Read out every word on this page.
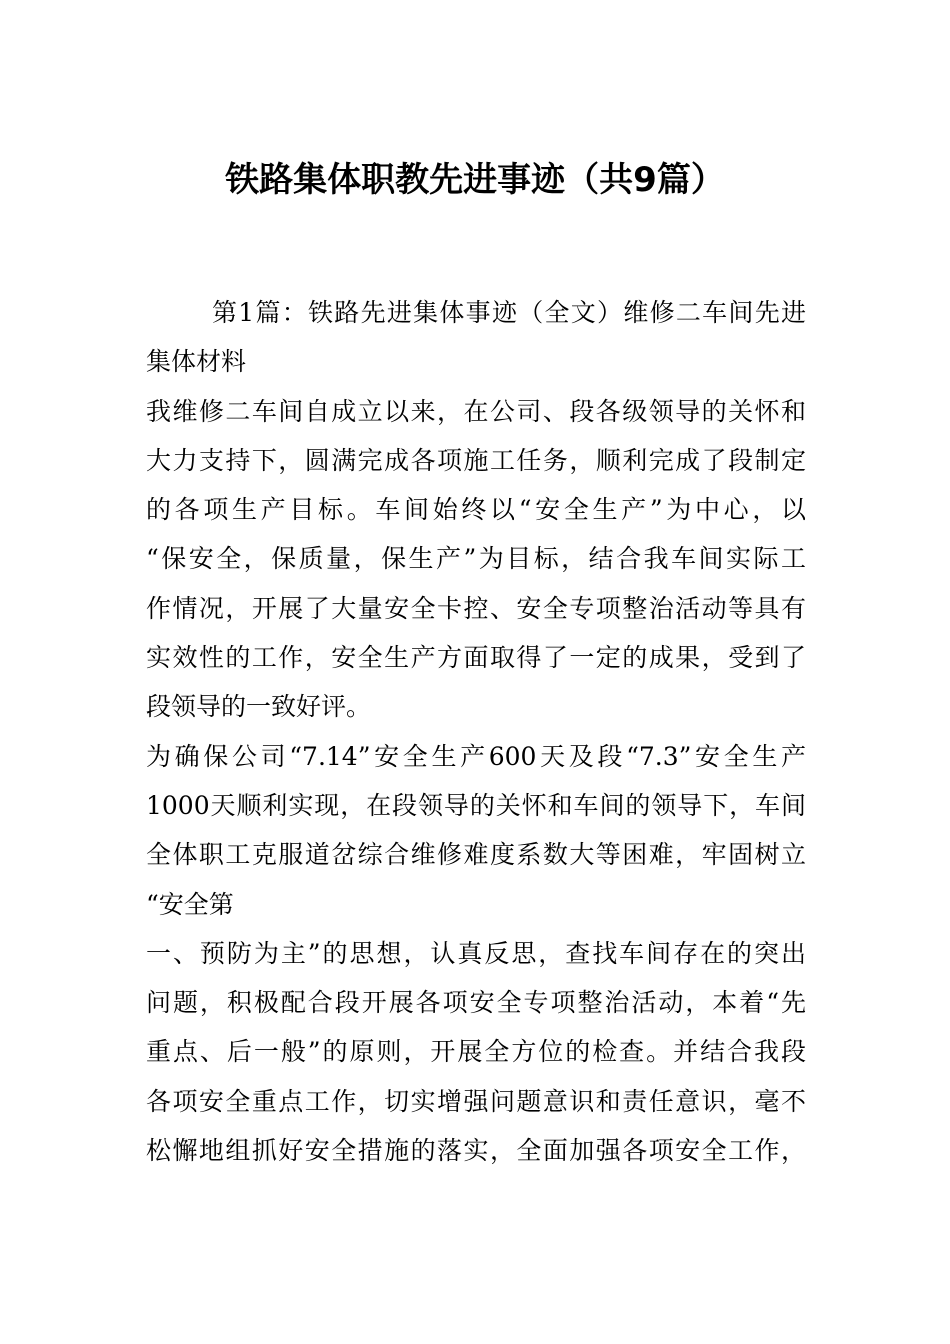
铁路集体职教先进事迹（共9篇）
第1篇：铁路先进集体事迹（全文）维修二车间先进
集体材料
我维修二车间自成立以来，在公司、段各级领导的关怀和
大力支持下，圆满完成各项施工任务，顺利完成了段制定
的各项生产目标。车间始终以“安全生产”为中心，以
“保安全，保质量，保生产”为目标，结合我车间实际工
作情况，开展了大量安全卡控、安全专项整治活动等具有
实效性的工作，安全生产方面取得了一定的成果，受到了
段领导的一致好评。
为确保公司“7.14”安全生产600天及段“7.3”安全生产
1000天顺利实现，在段领导的关怀和车间的领导下，车间
全体职工克服道岔综合维修难度系数大等困难，牢固树立
“安全第
一、预防为主”的思想，认真反思，查找车间存在的突出
问题，积极配合段开展各项安全专项整治活动，本着“先
重点、后一般”的原则，开展全方位的检查。并结合我段
各项安全重点工作，切实增强问题意识和责任意识，毫不
松懈地组抓好安全措施的落实，全面加强各项安全工作，
